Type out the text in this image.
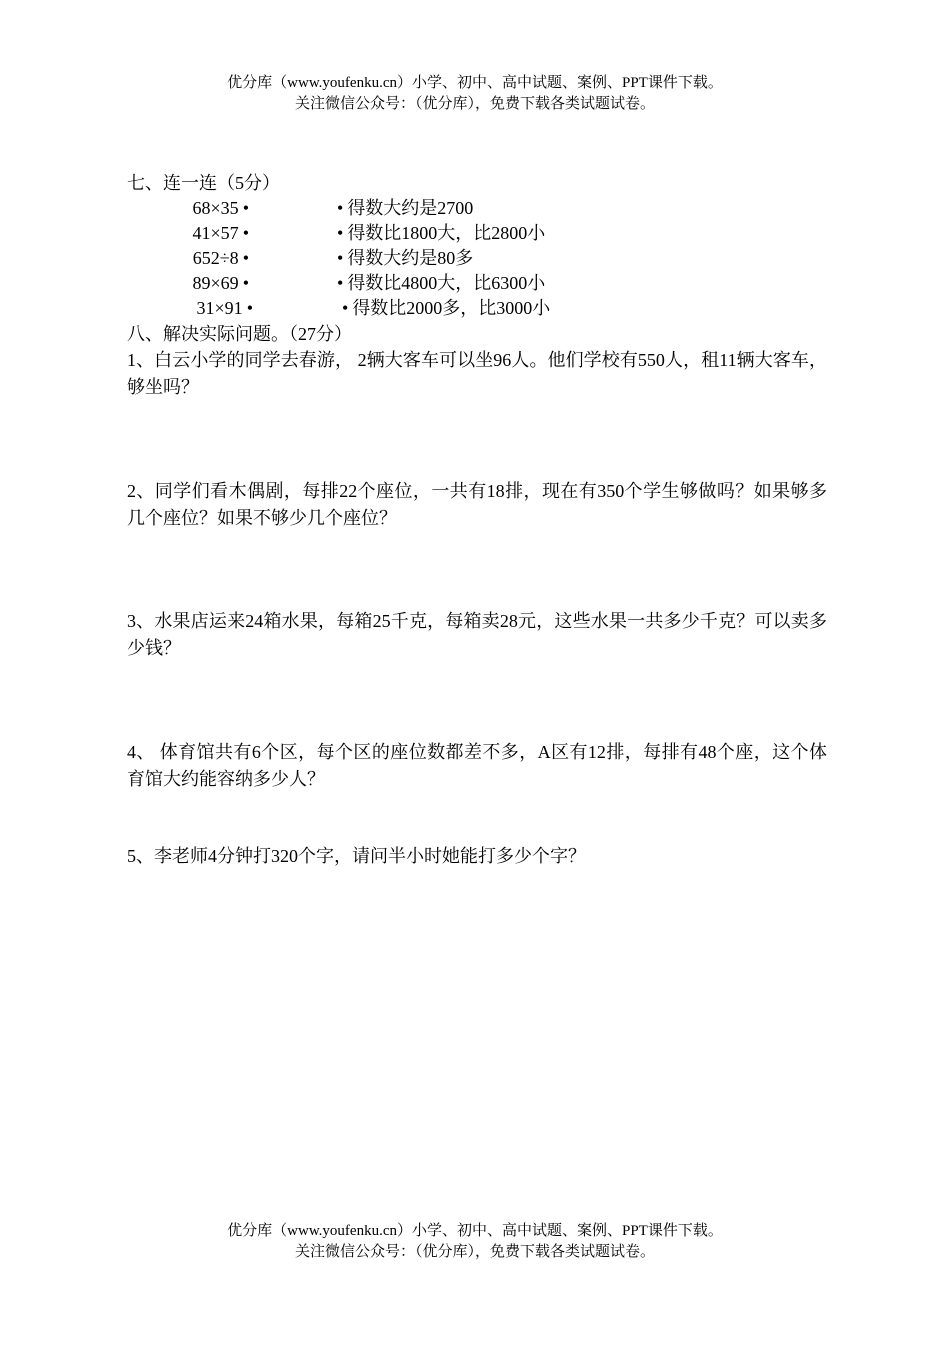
优分库（www.youfenku.cn）小学、初中、高中试题、案例、PPT课件下载。
关注微信公众号：（优分库），免费下载各类试题试卷。
七、连一连（5分）
68×35 •	• 得数大约是2700
41×57 •	• 得数比1800大，比2800小
652÷8 •	• 得数大约是80多
89×69 •	• 得数比4800大，比6300小
31×91 •	• 得数比2000多，比3000小
八、解决实际问题。（27分）
1、白云小学的同学去春游， 2辆大客车可以坐96人。他们学校有550人，租11辆大客车，够坐吗？
2、同学们看木偶剧，每排22个座位，一共有18排，现在有350个学生够做吗？如果够多几个座位？如果不够少几个座位？
3、水果店运来24箱水果，每箱25千克，每箱卖28元，这些水果一共多少千克？可以卖多少钱？
4、 体育馆共有6个区，每个区的座位数都差不多，A区有12排，每排有48个座，这个体育馆大约能容纳多少人？
5、李老师4分钟打320个字，请问半小时她能打多少个字？
优分库（www.youfenku.cn）小学、初中、高中试题、案例、PPT课件下载。
关注微信公众号：（优分库），免费下载各类试题试卷。
